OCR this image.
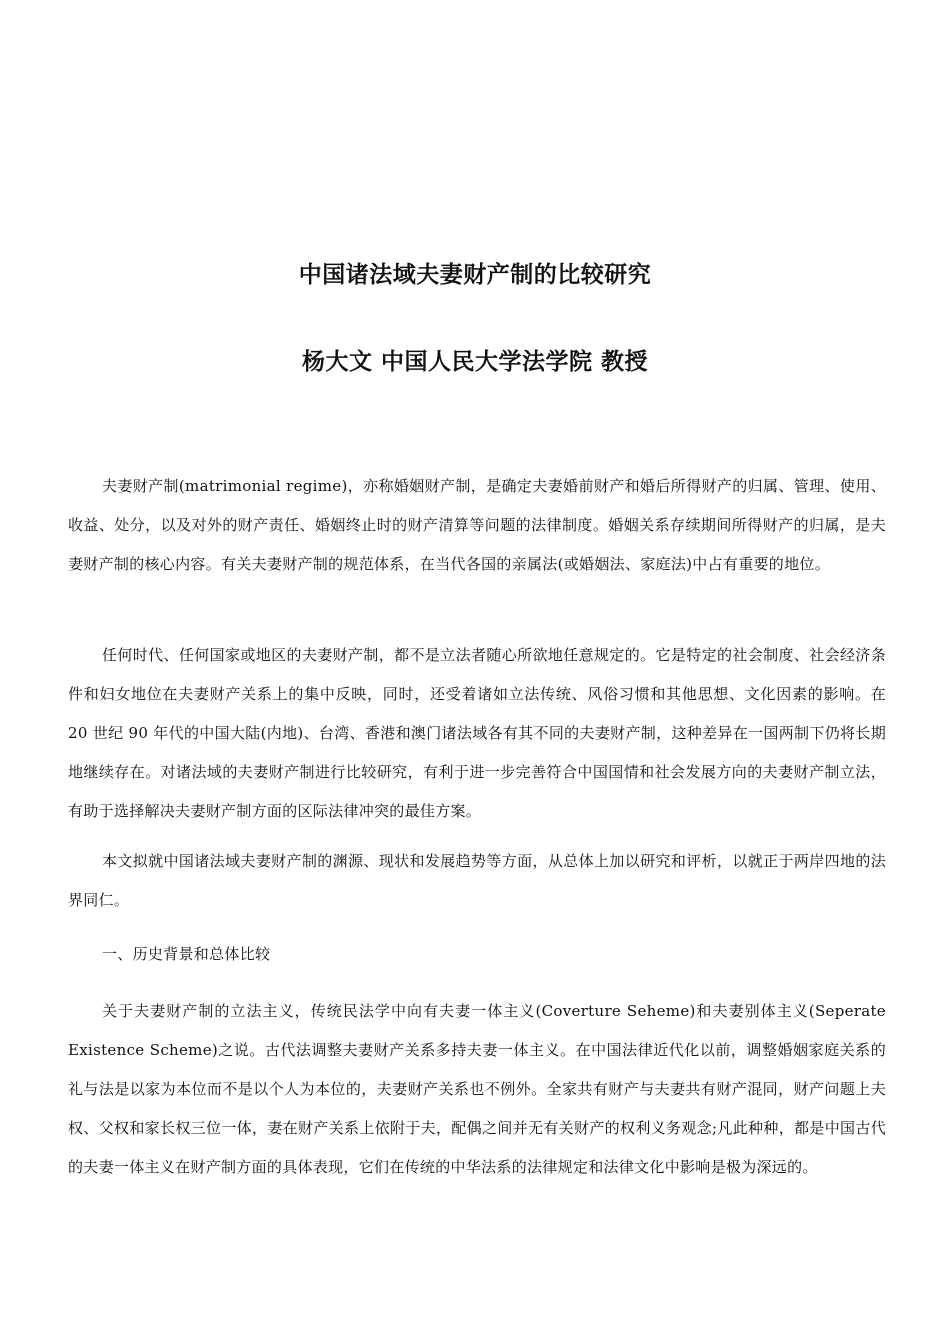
中国诸法域夫妻财产制的比较研究
杨大文 中国人民大学法学院 教授

夫妻财产制(matrimonial regime)，亦称婚姻财产制，是确定夫妻婚前财产和婚后所得财产的归属、管理、使用、收益、处分，以及对外的财产责任、婚姻终止时的财产清算等问题的法律制度。婚姻关系存续期间所得财产的归属，是夫妻财产制的核心内容。有关夫妻财产制的规范体系，在当代各国的亲属法(或婚姻法、家庭法)中占有重要的地位。

任何时代、任何国家或地区的夫妻财产制，都不是立法者随心所欲地任意规定的。它是特定的社会制度、社会经济条件和妇女地位在夫妻财产关系上的集中反映，同时，还受着诸如立法传统、风俗习惯和其他思想、文化因素的影响。在 20 世纪 90 年代的中国大陆(内地)、台湾、香港和澳门诸法域各有其不同的夫妻财产制，这种差异在一国两制下仍将长期地继续存在。对诸法域的夫妻财产制进行比较研究，有利于进一步完善符合中国国情和社会发展方向的夫妻财产制立法，有助于选择解决夫妻财产制方面的区际法律冲突的最佳方案。

本文拟就中国诸法域夫妻财产制的渊源、现状和发展趋势等方面，从总体上加以研究和评析，以就正于两岸四地的法界同仁。

一、历史背景和总体比较

关于夫妻财产制的立法主义，传统民法学中向有夫妻一体主义(Coverture Seheme)和夫妻别体主义(Seperate Existence Scheme)之说。古代法调整夫妻财产关系多持夫妻一体主义。在中国法律近代化以前，调整婚姻家庭关系的礼与法是以家为本位而不是以个人为本位的，夫妻财产关系也不例外。全家共有财产与夫妻共有财产混同，财产问题上夫权、父权和家长权三位一体，妻在财产关系上依附于夫，配偶之间并无有关财产的权利义务观念;凡此种种，都是中国古代的夫妻一体主义在财产制方面的具体表现，它们在传统的中华法系的法律规定和法律文化中影响是极为深远的。
